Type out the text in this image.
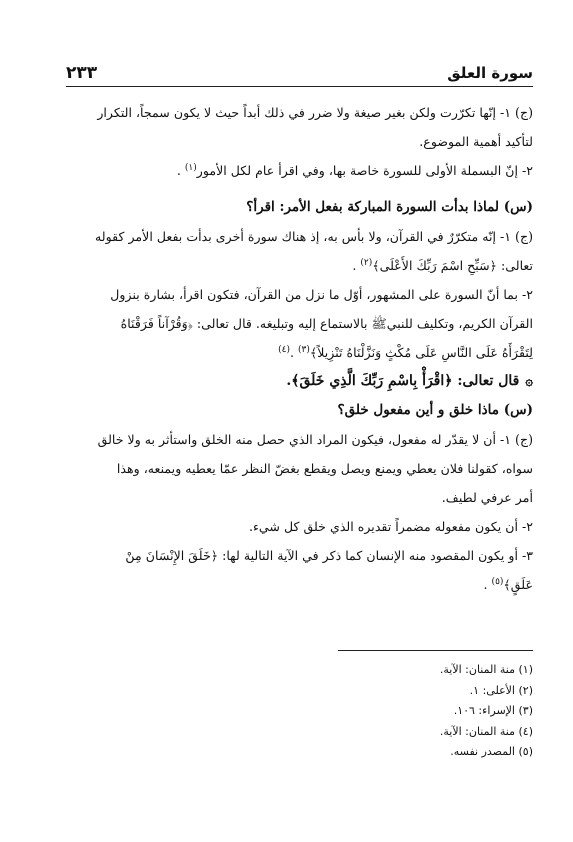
سورة العلق
٢٣٣

(ج) ١- إنّها تكرّرت ولكن بغير صيغة ولا ضرر في ذلك أبداً حيث لا يكون سمجاً، التكرار

لتأكيد أهمية الموضوع.

٢- إنّ البسملة الأولى للسورة خاصة بها، وفي اقرأ عام لكل الأمور$^{(١)}$ .

(س) لماذا بدأت السورة المباركة بفعل الأمر: اقرأ؟

(ج) ١- إنّه متكرّرٌ في القرآن، ولا بأس به، إذ هناك سورة أخرى بدأت بفعل الأمر كقوله

تعالى: ﴿سَبِّحِ اسْمَ رَبِّكَ الأَعْلَى﴾$^{(٢)}$ .

٢- بما أنّ السورة على المشهور، أوّل ما نزل من القرآن، فتكون اقرأ، بشارة بنزول

القرآن الكريم، وتكليف للنبيﷺ بالاستماع إليه وتبليغه. قال تعالى: ﴿وَقُرْآناً فَرَقْنَاهُ

لِتَقْرَأَهُ عَلَى النَّاسِ عَلَى مُكْثٍ وَنَزَّلْنَاهُ تَنْزِيلاً﴾$^{(٣)}$ .$^{(٤)}$

۞قال تعالى: ﴿اقْرَأْ بِاسْمِ رَبِّكَ الَّذِي خَلَقَ﴾.

(س) ماذا خلق و أين مفعول خلق؟

(ج) ١- أن لا يقدّر له مفعول، فيكون المراد الذي حصل منه الخلق واستأثر به ولا خالق

سواه، كقولنا فلان يعطي ويمنع ويصل ويقطع بغضّ النظر عمّا يعطيه ويمنعه، وهذا

أمر عرفي لطيف.

٢- أن يكون مفعوله مضمراً تقديره الذي خلق كل شيء.

٣- أو يكون المقصود منه الإنسان كما ذكر في الآية التالية لها: ﴿خَلَقَ الإِنْسَانَ مِنْ

عَلَقٍ﴾$^{(٥)}$ .

(١) منة المنان: الآية.
(٢) الأعلى: ١.
(٣) الإسراء: ١٠٦.
(٤) منة المنان: الآية.
(٥) المصدر نفسه.
